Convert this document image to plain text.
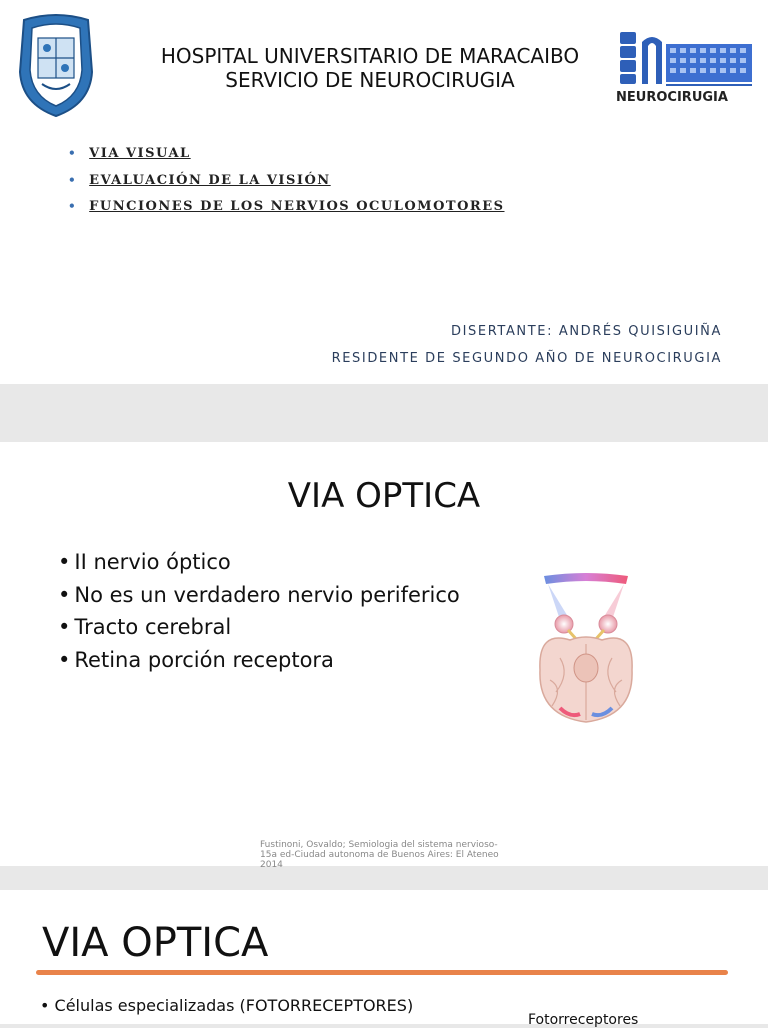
HOSPITAL UNIVERSITARIO DE MARACAIBO
SERVICIO DE NEUROCIRUGIA
NEUROCIRUGIA
• VIA VISUAL
• EVALUACIÓN DE LA VISIÓN
• FUNCIONES DE LOS NERVIOS OCULOMOTORES
DISERTANTE: ANDRÉS QUISIGUIÑA
RESIDENTE DE SEGUNDO AÑO DE NEUROCIRUGIA
VIA OPTICA
• II nervio óptico
• No es un verdadero nervio periferico
• Tracto cerebral
• Retina porción receptora
Fustinoni, Osvaldo; Semiologia del sistema nervioso-15a ed-Ciudad autonoma de Buenos Aires: El Ateneo 2014
VIA OPTICA
• Células especializadas (FOTORRECEPTORES)
Fotorreceptores
